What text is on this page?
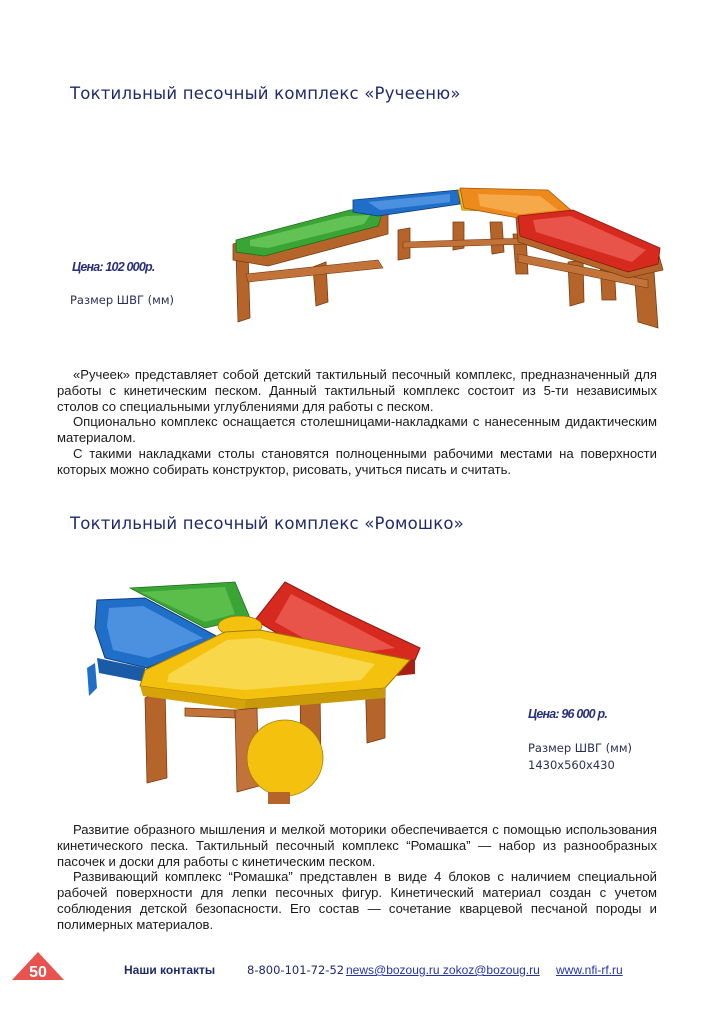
Токтильный песочный комплекс «Ручееню»
Цена: 102 000р.
Размер ШВГ (мм)

«Ручеек» представляет собой детский тактильный песочный комплекс, предназначенный для работы с кинетическим песком. Данный тактильный комплекс состоит из 5-ти независимых столов со специальными углублениями для работы с песком.

Опционально комплекс оснащается столешницами-накладками с нанесенным дидактическим материалом.

С такими накладками столы становятся полноценными рабочими местами на поверхности которых можно собирать конструктор, рисовать, учиться писать и считать.

Токтильный песочный комплекс «Ромошко»
Цена: 96 000 р.
Размер ШВГ (мм)
1430х560х430

Развитие образного мышления и мелкой моторики обеспечивается с помощью использования кинетического песка. Тактильный песочный комплекс “Ромашка” — набор из разнообразных пасочек и доски для работы с кинетическим песком.

Развивающий комплекс “Ромашка” представлен в виде 4 блоков с наличием специальной рабочей поверхности для лепки песочных фигур. Кинетический материал создан с учетом соблюдения детской безопасности. Его состав — сочетание кварцевой песчаной породы и полимерных материалов.

50	Наши контакты	8-800-101-72-52 news@bozoug.ru zokoz@bozoug.ru www.nfi-rf.ru
